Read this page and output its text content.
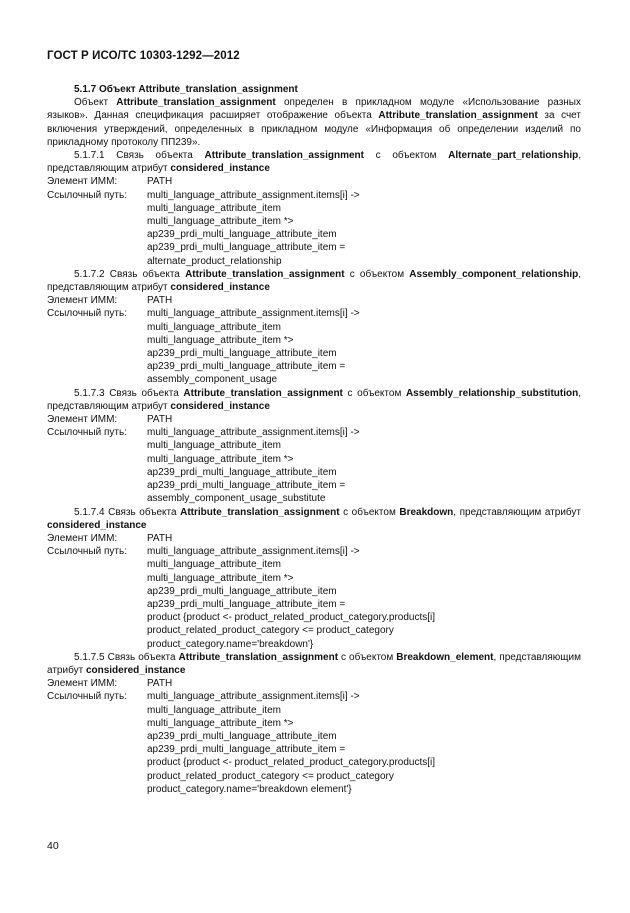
ГОСТ Р ИСО/ТС 10303-1292—2012

5.1.7 Объект Attribute_translation_assignment

Объект Attribute_translation_assignment определен в прикладном модуле «Использование разных языков». Данная спецификация расширяет отображение объекта Attribute_translation_assignment за счет включения утверждений, определенных в прикладном модуле «Информация об определении изделий по прикладному протоколу ПП239».

5.1.7.1 Связь объекта Attribute_translation_assignment с объектом Alternate_part_relationship, представляющим атрибут considered_instance

Элемент ИММ:	PATH
Ссылочный путь:	multi_language_attribute_assignment.items[i] ->
multi_language_attribute_item
multi_language_attribute_item *>
ap239_prdi_multi_language_attribute_item
ap239_prdi_multi_language_attribute_item =
alternate_product_relationship

5.1.7.2 Связь объекта Attribute_translation_assignment с объектом Assembly_component_relationship, представляющим атрибут considered_instance

Элемент ИММ:	PATH
Ссылочный путь:	multi_language_attribute_assignment.items[i] ->
multi_language_attribute_item
multi_language_attribute_item *>
ap239_prdi_multi_language_attribute_item
ap239_prdi_multi_language_attribute_item =
assembly_component_usage

5.1.7.3 Связь объекта Attribute_translation_assignment с объектом Assembly_relationship_substitution, представляющим атрибут considered_instance

Элемент ИММ:	PATH
Ссылочный путь:	multi_language_attribute_assignment.items[i] ->
multi_language_attribute_item
multi_language_attribute_item *>
ap239_prdi_multi_language_attribute_item
ap239_prdi_multi_language_attribute_item =
assembly_component_usage_substitute

5.1.7.4 Связь объекта Attribute_translation_assignment с объектом Breakdown, представляющим атрибут considered_instance

Элемент ИММ:	PATH
Ссылочный путь:	multi_language_attribute_assignment.items[i] ->
multi_language_attribute_item
multi_language_attribute_item *>
ap239_prdi_multi_language_attribute_item
ap239_prdi_multi_language_attribute_item =
product {product <- product_related_product_category.products[i]
product_related_product_category <= product_category
product_category.name='breakdown'}

5.1.7.5 Связь объекта Attribute_translation_assignment с объектом Breakdown_element, представляющим атрибут considered_instance

Элемент ИММ:	PATH
Ссылочный путь:	multi_language_attribute_assignment.items[i] ->
multi_language_attribute_item
multi_language_attribute_item *>
ap239_prdi_multi_language_attribute_item
ap239_prdi_multi_language_attribute_item =
product {product <- product_related_product_category.products[i]
product_related_product_category <= product_category
product_category.name='breakdown element'}
40
